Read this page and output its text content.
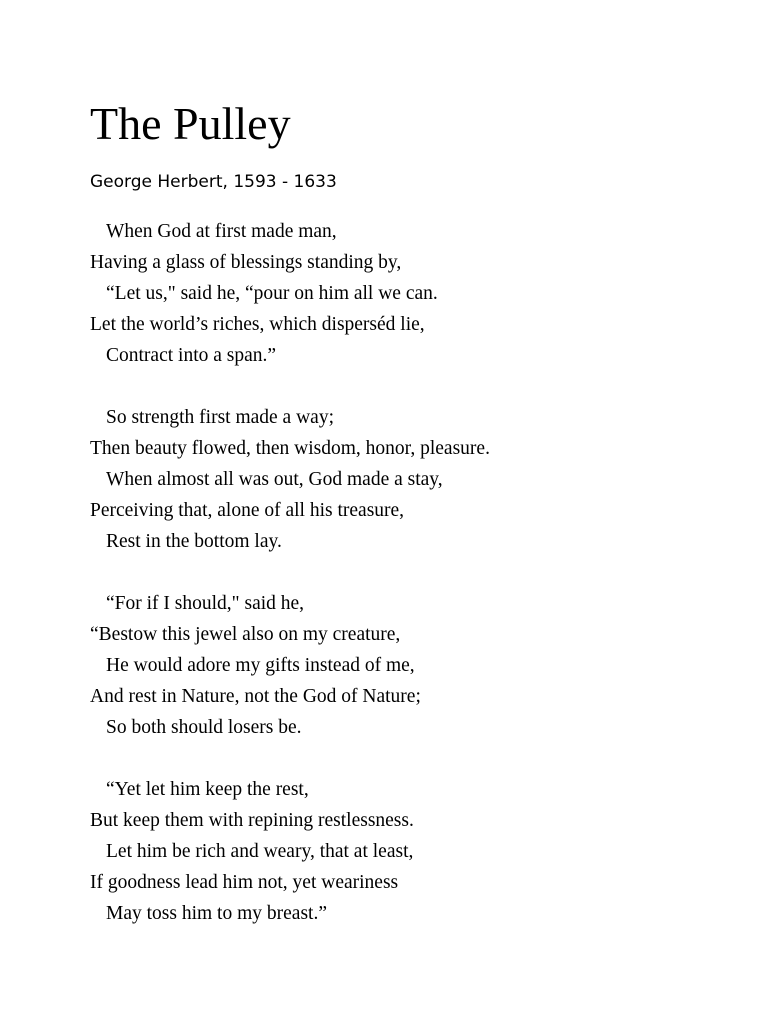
The Pulley

George Herbert, 1593 - 1633

When God at first made man,
Having a glass of blessings standing by,
“Let us," said he, “pour on him all we can.
Let the world’s riches, which disperséd lie,
Contract into a span.”
So strength first made a way;
Then beauty flowed, then wisdom, honor, pleasure.
When almost all was out, God made a stay,
Perceiving that, alone of all his treasure,
Rest in the bottom lay.
“For if I should," said he,
“Bestow this jewel also on my creature,
He would adore my gifts instead of me,
And rest in Nature, not the God of Nature;
So both should losers be.
“Yet let him keep the rest,
But keep them with repining restlessness.
Let him be rich and weary, that at least,
If goodness lead him not, yet weariness
May toss him to my breast.”
